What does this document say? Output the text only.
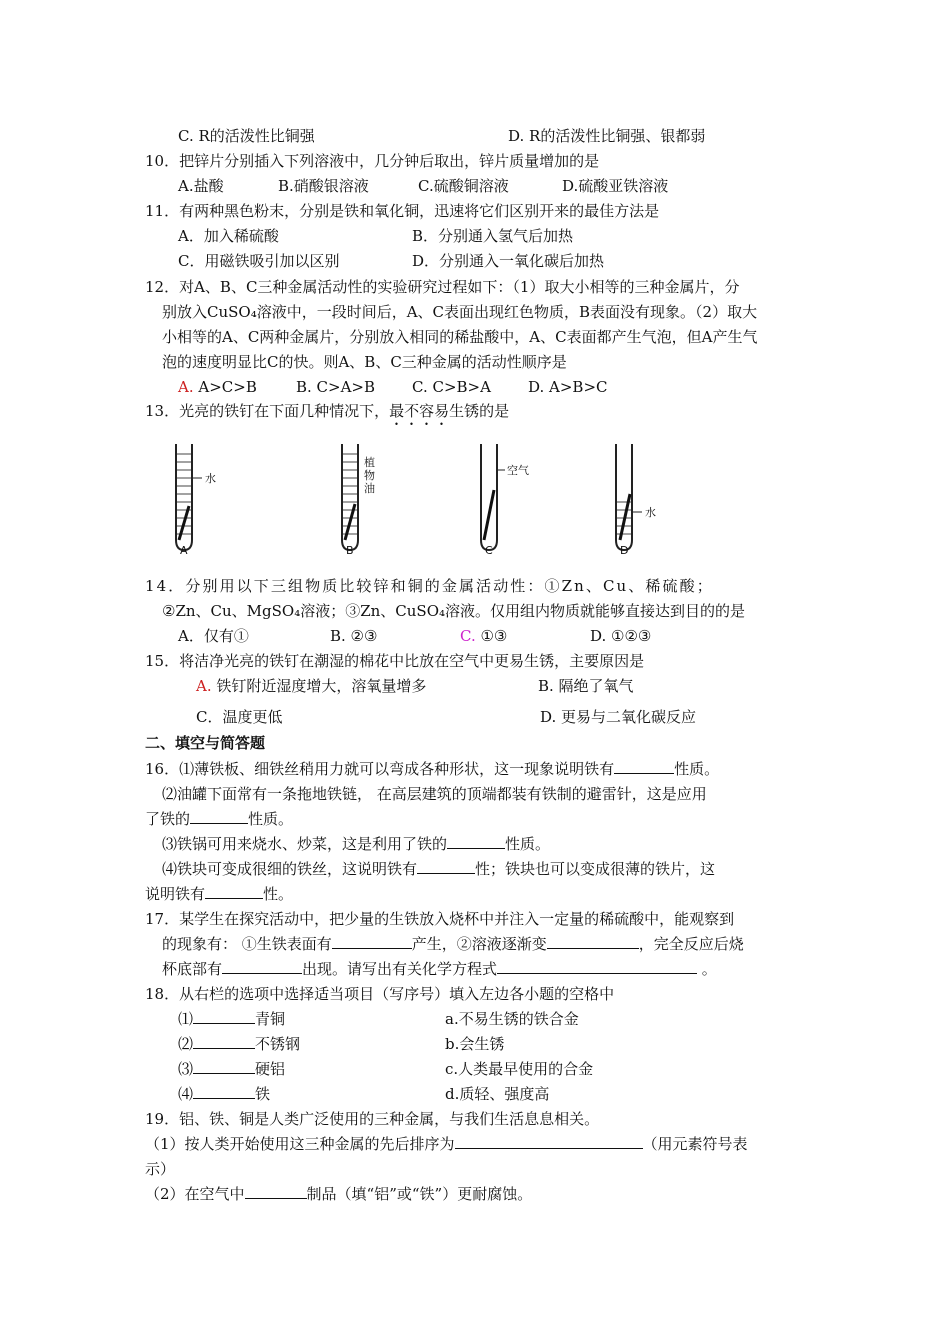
C. R的活泼性比铜强	D. R的活泼性比铜强、银都弱
10．把锌片分别插入下列溶液中，几分钟后取出，锌片质量增加的是
A.盐酸	B.硝酸银溶液	C.硫酸铜溶液	D.硫酸亚铁溶液
11．有两种黑色粉末，分别是铁和氧化铜，迅速将它们区别开来的最佳方法是
A．加入稀硫酸	B．分别通入氢气后加热
C．用磁铁吸引加以区别	D．分别通入一氧化碳后加热
12．对A、B、C三种金属活动性的实验研究过程如下：（1）取大小相等的三种金属片，分
别放入CuSO₄溶液中，一段时间后，A、C表面出现红色物质，B表面没有现象。（2）取大
小相等的A、C两种金属片，分别放入相同的稀盐酸中，A、C表面都产生气泡，但A产生气
泡的速度明显比C的快。则A、B、C三种金属的活动性顺序是
A. A>C>B	B. C>A>B C. C>B>A D. A>B>C
13．光亮的铁钉在下面几种情况下，最不容易生锈的是
水
A
植物油
B
空气
C
水
D
14．分别用以下三组物质比较锌和铜的金属活动性：①Zn、Cu、稀硫酸；
②Zn、Cu、MgSO₄溶液；③Zn、CuSO₄溶液。仅用组内物质就能够直接达到目的的是
A．仅有①	B. ②③	C. ①③	D. ①②③
15．将洁净光亮的铁钉在潮湿的棉花中比放在空气中更易生锈，主要原因是
A. 铁钉附近湿度增大，溶氧量增多	B. 隔绝了氧气
C．温度更低	D. 更易与二氧化碳反应
二、填空与简答题
16．⑴薄铁板、细铁丝稍用力就可以弯成各种形状，这一现象说明铁有	性质。
⑵油罐下面常有一条拖地铁链， 在高层建筑的顶端都装有铁制的避雷针，这是应用
了铁的	性质。
⑶铁锅可用来烧水、炒菜，这是利用了铁的	性质。
⑷铁块可变成很细的铁丝，这说明铁有	性；铁块也可以变成很薄的铁片，这
说明铁有	性。
17．某学生在探究活动中，把少量的生铁放入烧杯中并注入一定量的稀硫酸中，能观察到
的现象有： ①生铁表面有	产生，②溶液逐渐变	，完全反应后烧
杯底部有	出现。请写出有关化学方程式	。
18．从右栏的选项中选择适当项目（写序号）填入左边各小题的空格中
⑴	青铜	a.不易生锈的铁合金
⑵	不锈钢	b.会生锈
⑶	硬铝	c.人类最早使用的合金
⑷	铁	d.质轻、强度高
19．铝、铁、铜是人类广泛使用的三种金属，与我们生活息息相关。
（1）按人类开始使用这三种金属的先后排序为	（用元素符号表
示）
（2）在空气中	制品（填“铝”或“铁”）更耐腐蚀。
